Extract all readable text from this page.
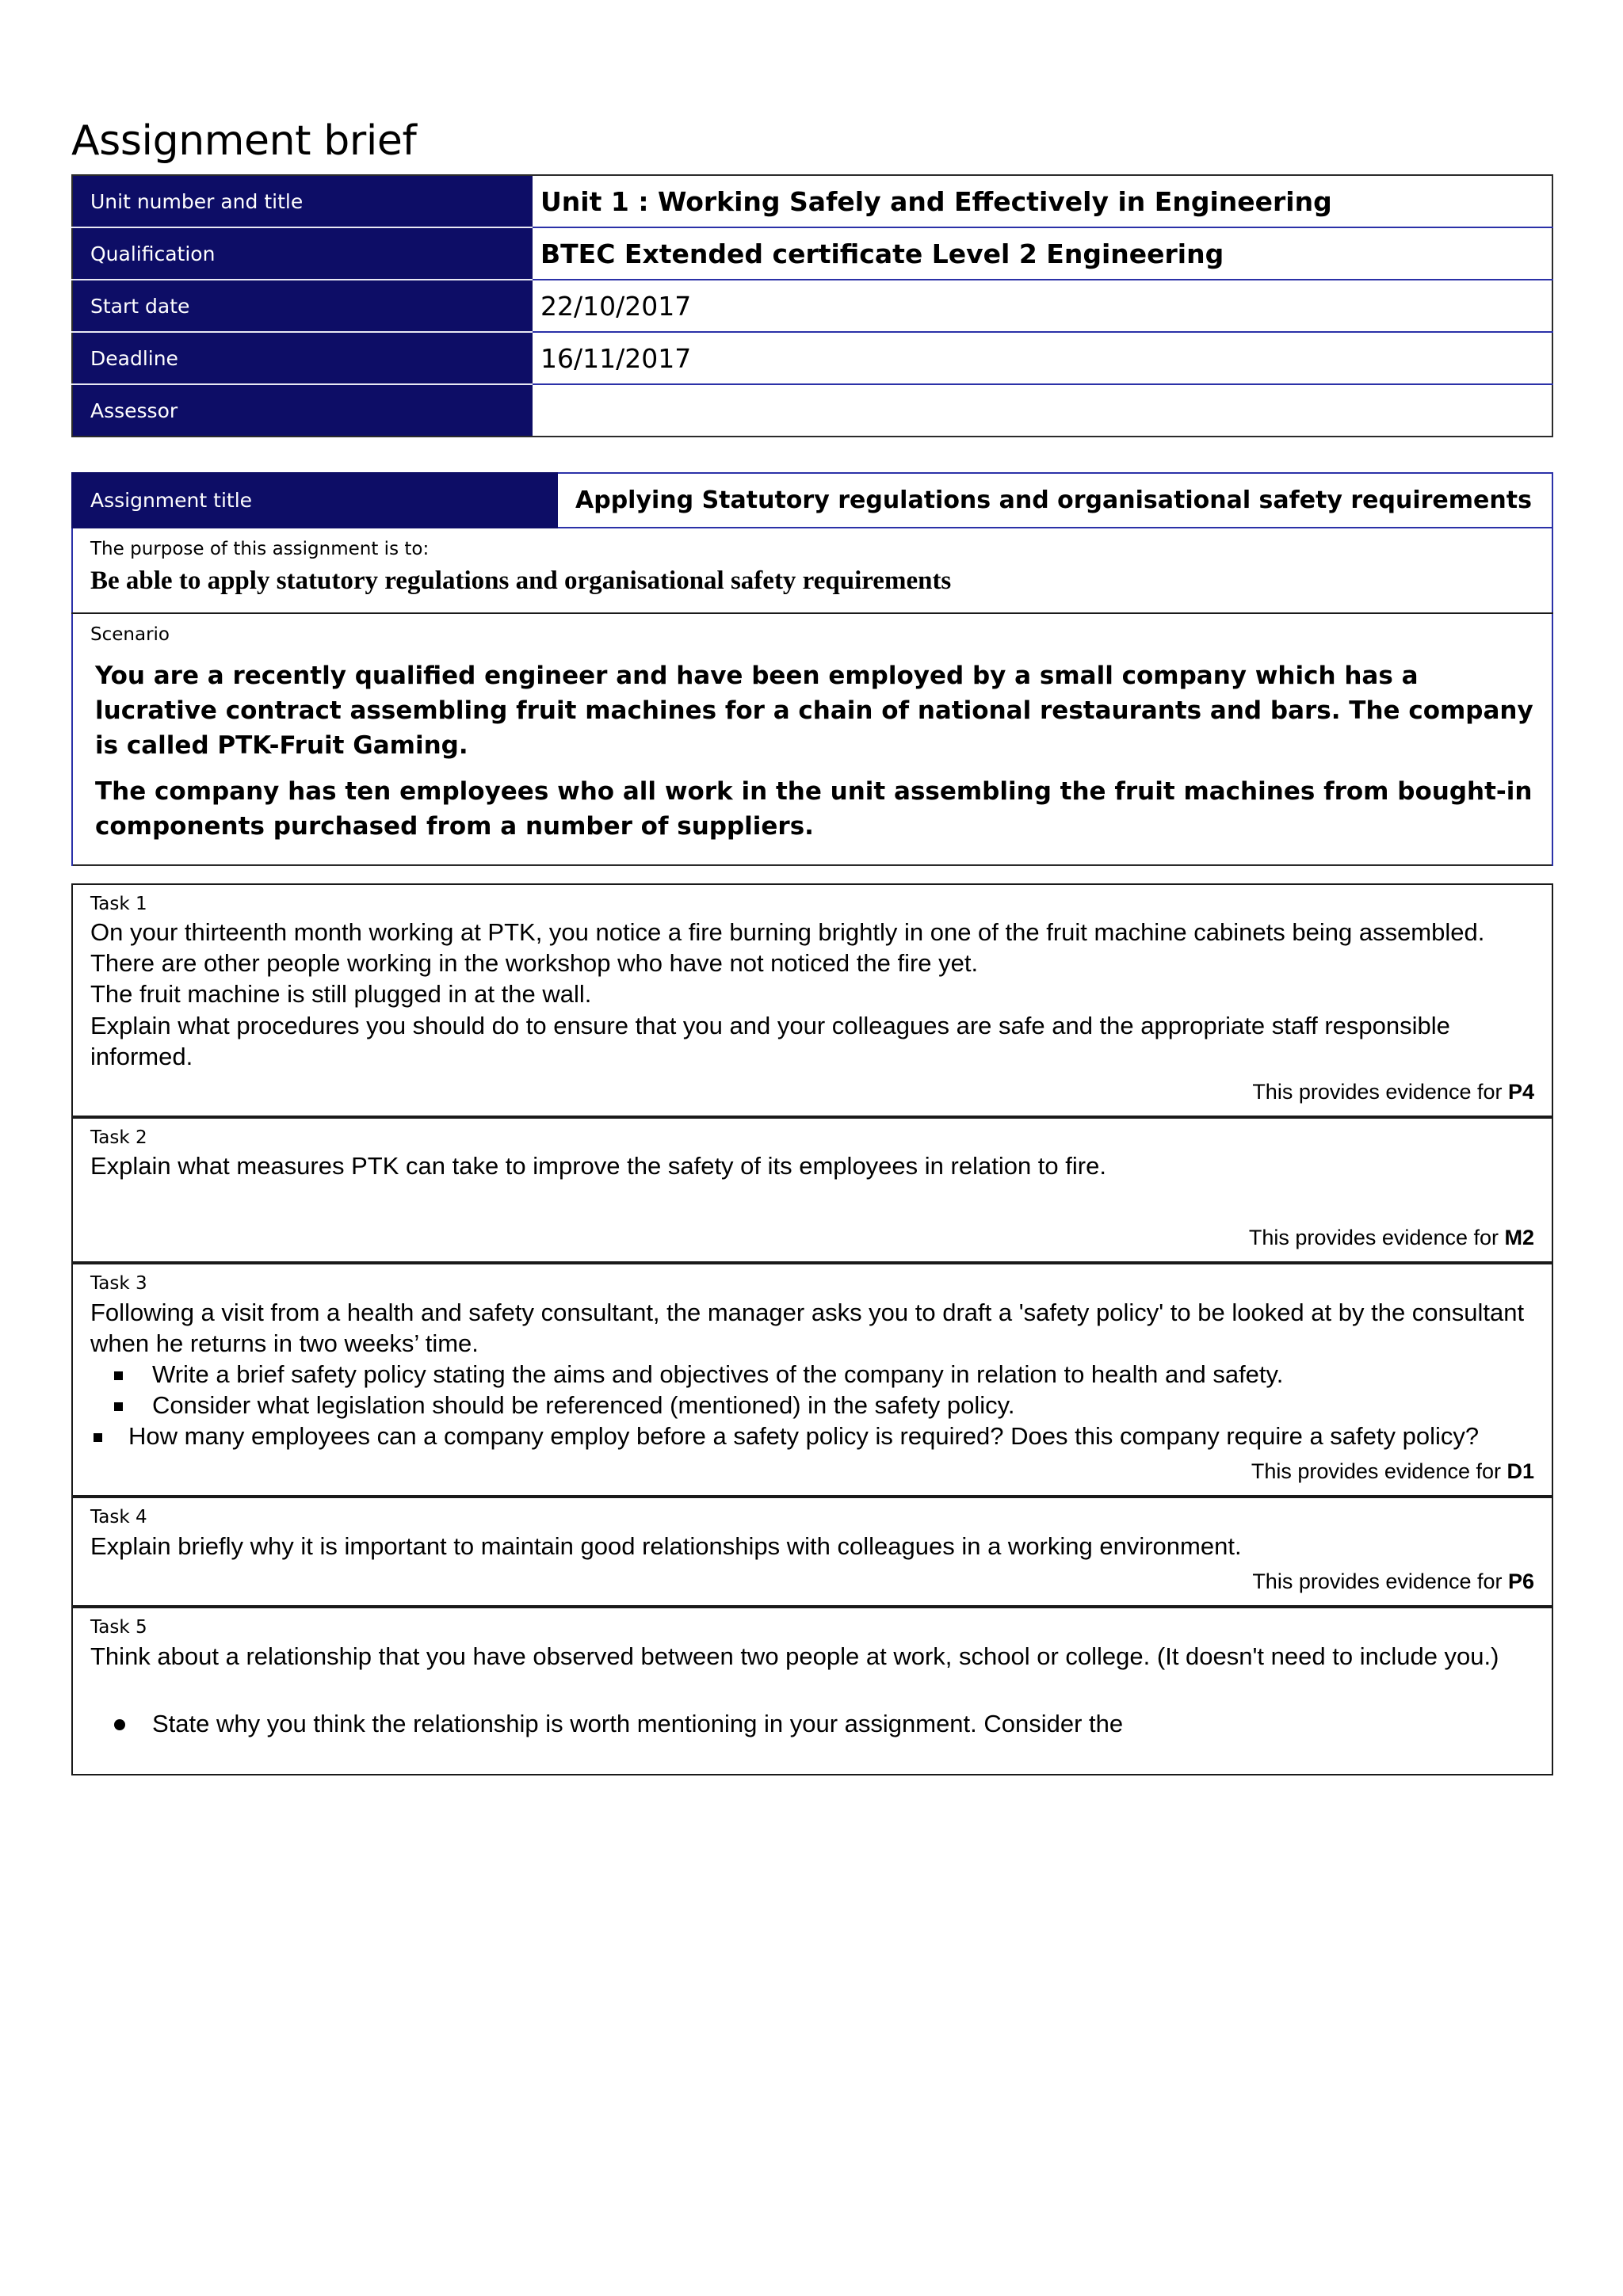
Assignment brief
Unit number and title	Unit 1 : Working Safely and Effectively in Engineering
Qualification	BTEC Extended certificate Level 2 Engineering
Start date	22/10/2017
Deadline	16/11/2017
Assessor	
Assignment title	Applying Statutory regulations and organisational safety requirements

The purpose of this assignment is to:

Be able to apply statutory regulations and organisational safety requirements

Scenario

You are a recently qualified engineer and have been employed by a small company which has a lucrative contract assembling fruit machines for a chain of national restaurants and bars. The company is called PTK-Fruit Gaming.

The company has ten employees who all work in the unit assembling the fruit machines from bought-in components purchased from a number of suppliers.

Task 1

On your thirteenth month working at PTK, you notice a fire burning brightly in one of the fruit machine cabinets being assembled. There are other people working in the workshop who have not noticed the fire yet.

The fruit machine is still plugged in at the wall.

Explain what procedures you should do to ensure that you and your colleagues are safe and the appropriate staff responsible informed.

This provides evidence for P4

Task 2

Explain what measures PTK can take to improve the safety of its employees in relation to fire.

This provides evidence for M2

Task 3

Following a visit from a health and safety consultant, the manager asks you to draft a 'safety policy' to be looked at by the consultant when he returns in two weeks’ time.

Write a brief safety policy stating the aims and objectives of the company in relation to health and safety.
Consider what legislation should be referenced (mentioned) in the safety policy.
How many employees can a company employ before a safety policy is required? Does this company require a safety policy?

This provides evidence for D1

Task 4

Explain briefly why it is important to maintain good relationships with colleagues in a working environment.

This provides evidence for P6

Task 5

Think about a relationship that you have observed between two people at work, school or college. (It doesn't need to include you.)

State why you think the relationship is worth mentioning in your assignment. Consider the
